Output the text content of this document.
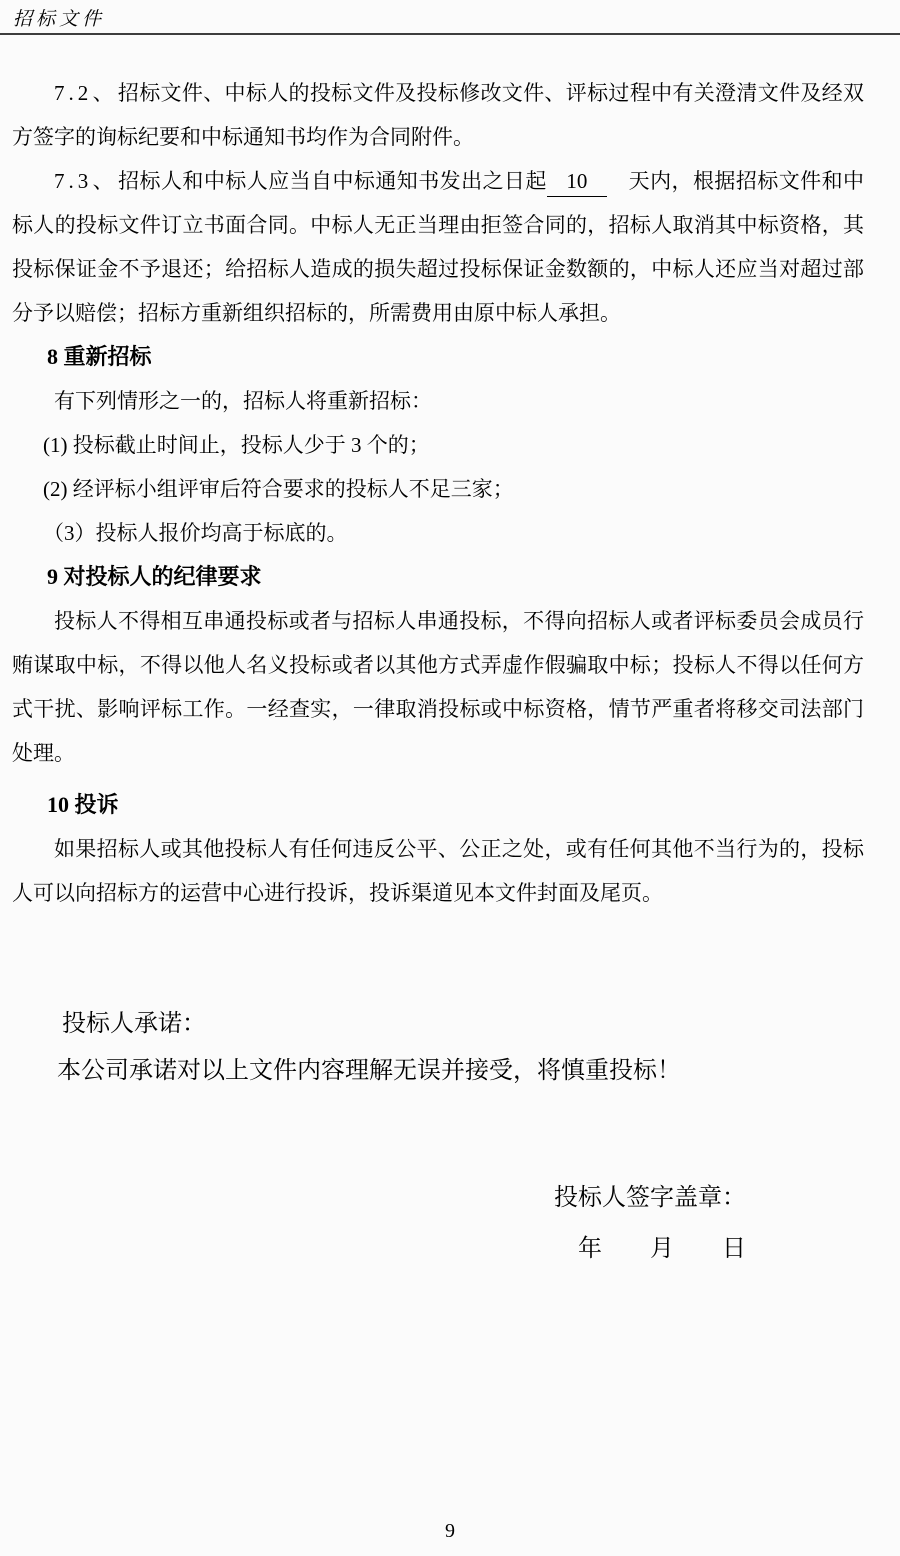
招标文件

7.2、招标文件、中标人的投标文件及投标修改文件、评标过程中有关澄清文件及经双方签字的询标纪要和中标通知书均作为合同附件。

7.3、招标人和中标人应当自中标通知书发出之日起 10　天内，根据招标文件和中标人的投标文件订立书面合同。中标人无正当理由拒签合同的，招标人取消其中标资格，其投标保证金不予退还；给招标人造成的损失超过投标保证金数额的，中标人还应当对超过部分予以赔偿；招标方重新组织招标的，所需费用由原中标人承担。

8 重新招标

有下列情形之一的，招标人将重新招标：

(1) 投标截止时间止，投标人少于 3 个的；

(2) 经评标小组评审后符合要求的投标人不足三家；

（3）投标人报价均高于标底的。

9 对投标人的纪律要求

投标人不得相互串通投标或者与招标人串通投标，不得向招标人或者评标委员会成员行贿谋取中标，不得以他人名义投标或者以其他方式弄虚作假骗取中标；投标人不得以任何方式干扰、影响评标工作。一经查实，一律取消投标或中标资格，情节严重者将移交司法部门处理。

10 投诉

如果招标人或其他投标人有任何违反公平、公正之处，或有任何其他不当行为的，投标人可以向招标方的运营中心进行投诉，投诉渠道见本文件封面及尾页。

投标人承诺：

本公司承诺对以上文件内容理解无误并接受，将慎重投标！

投标人签字盖章：

年　　月　　日

9
